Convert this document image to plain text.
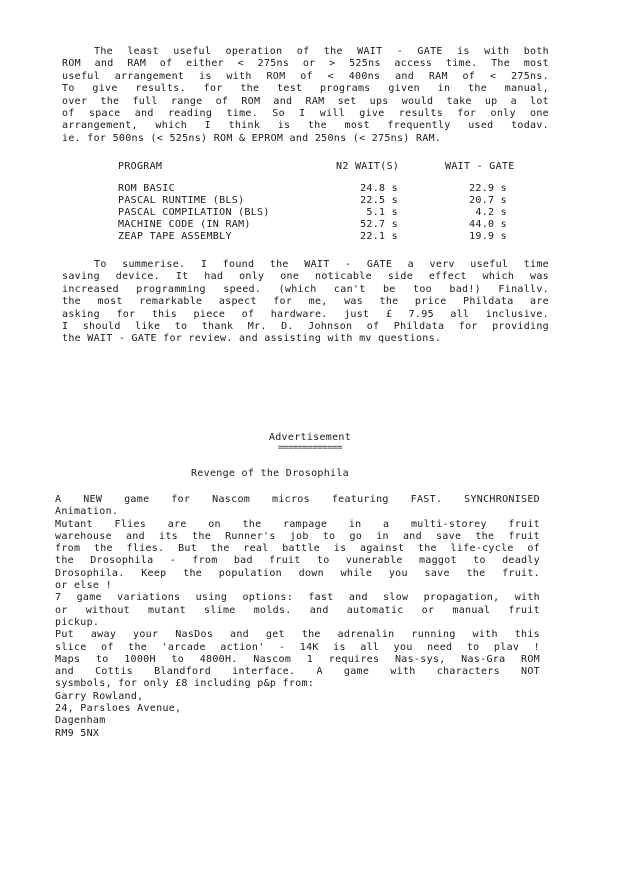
The least useful operation of the WAIT - GATE is with both
ROM and RAM of either < 275ns or > 525ns access time. The most
useful arrangement is with ROM of < 400ns and RAM of < 275ns.
To give results. for the test programs given in the manual,
over the full range of ROM and RAM set ups would take up a lot
of space and reading time. So I will give results for only one
arrangement, which I think is the most frequently used todav.
ie. for 500ns (< 525ns) ROM & EPROM and 250ns (< 275ns) RAM.
PROGRAM	N2 WAIT(S)	WAIT - GATE
ROM BASIC	24.8 s	22.9 s
PASCAL RUNTIME (BLS)	22.5 s	20.7 s
PASCAL COMPILATION (BLS)	5.1 s	4.2 s
MACHINE CODE (IN RAM)	52.7 s	44.0 s
ZEAP TAPE ASSEMBLY	22.1 s	19.9 s
To summerise. I found the WAIT - GATE a verv useful time
saving device. It had only one noticable side effect which was
increased programming speed. (which can't be too bad!) Finallv.
the most remarkable aspect for me, was the price Phildata are
asking for this piece of hardware. just £ 7.95 all inclusive.
I should like to thank Mr. D. Johnson of Phildata for providing
the WAIT - GATE for review. and assisting with mv questions.
Advertisement
=============
Revenge of the Drosophila
A NEW game for Nascom micros featuring FAST. SYNCHRONISED
Animation.
Mutant Flies are on the rampage in a multi-storey fruit
warehouse and its the Runner's job to go in and save the fruit
from the flies. But the real battle is against the life-cycle of
the Drosophila - from bad fruit to vunerable maggot to deadly
Drosophila. Keep the population down while you save the fruit.
or else !
7 game variations using options: fast and slow propagation, with
or without mutant slime molds. and automatic or manual fruit
pickup.
Put away your NasDos and get the adrenalin running with this
slice of the 'arcade action' - 14K is all you need to plav !
Maps to 1000H to 4800H. Nascom 1 requires Nas-sys, Nas-Gra ROM
and Cottis Blandford interface. A game with characters NOT
sysmbols, for only £8 including p&p from:
Garry Rowland,
24, Parsloes Avenue,
Dagenham
RM9 5NX
